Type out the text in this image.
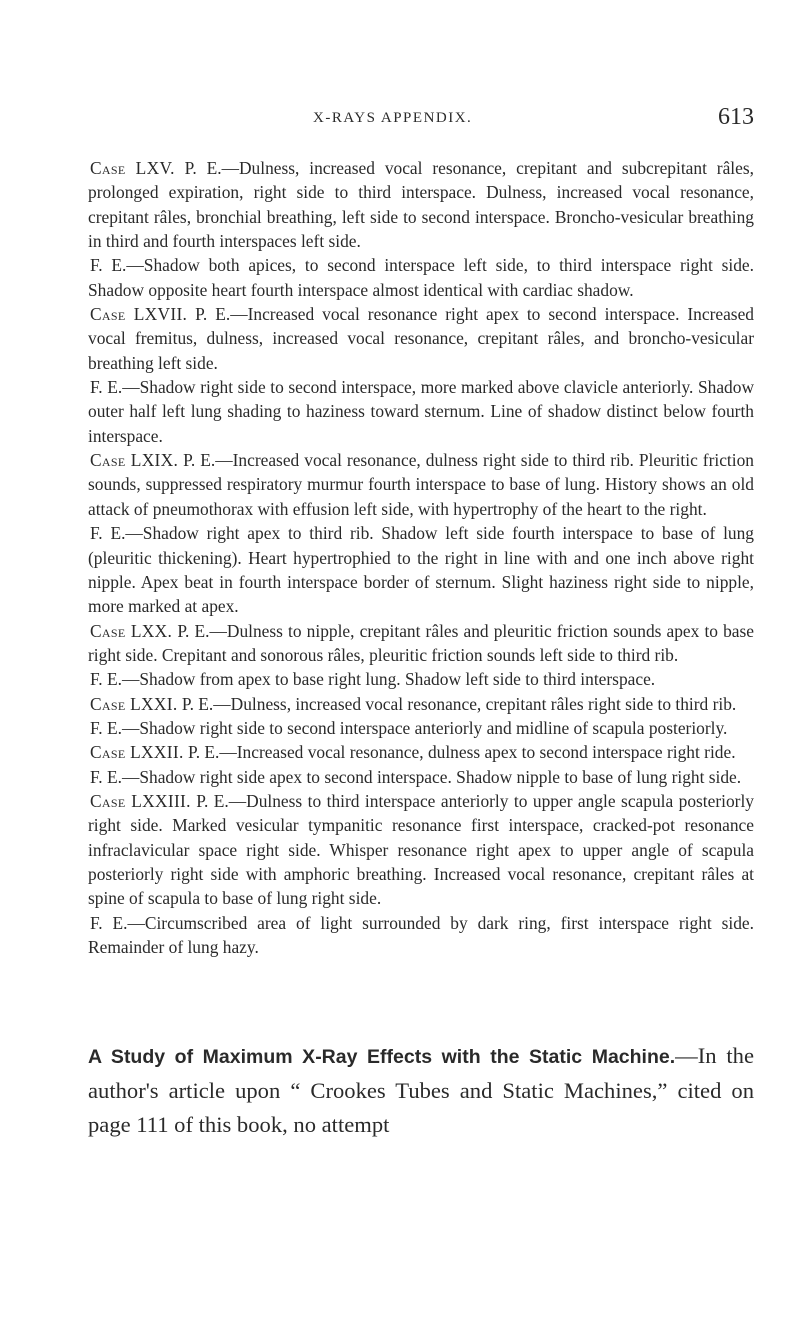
X-RAYS APPENDIX.	613

Case LXV. P. E.—Dulness, increased vocal resonance, crepitant and subcrepitant râles, prolonged expiration, right side to third interspace. Dulness, increased vocal resonance, crepitant râles, bronchial breathing, left side to second interspace. Broncho-vesicular breathing in third and fourth interspaces left side.

F. E.—Shadow both apices, to second interspace left side, to third interspace right side. Shadow opposite heart fourth interspace almost identical with cardiac shadow.

Case LXVII. P. E.—Increased vocal resonance right apex to second interspace. Increased vocal fremitus, dulness, increased vocal resonance, crepitant râles, and broncho-vesicular breathing left side.

F. E.—Shadow right side to second interspace, more marked above clavicle anteriorly. Shadow outer half left lung shading to haziness toward sternum. Line of shadow distinct below fourth interspace.

Case LXIX. P. E.—Increased vocal resonance, dulness right side to third rib. Pleuritic friction sounds, suppressed respiratory murmur fourth interspace to base of lung. History shows an old attack of pneumothorax with effusion left side, with hypertrophy of the heart to the right.

F. E.—Shadow right apex to third rib. Shadow left side fourth interspace to base of lung (pleuritic thickening). Heart hypertrophied to the right in line with and one inch above right nipple. Apex beat in fourth interspace border of sternum. Slight haziness right side to nipple, more marked at apex.

Case LXX. P. E.—Dulness to nipple, crepitant râles and pleuritic friction sounds apex to base right side. Crepitant and sonorous râles, pleuritic friction sounds left side to third rib.

F. E.—Shadow from apex to base right lung. Shadow left side to third interspace.

Case LXXI. P. E.—Dulness, increased vocal resonance, crepitant râles right side to third rib.

F. E.—Shadow right side to second interspace anteriorly and midline of scapula posteriorly.

Case LXXII. P. E.—Increased vocal resonance, dulness apex to second interspace right ride.

F. E.—Shadow right side apex to second interspace. Shadow nipple to base of lung right side.

Case LXXIII. P. E.—Dulness to third interspace anteriorly to upper angle scapula posteriorly right side. Marked vesicular tympanitic resonance first interspace, cracked-pot resonance infraclavicular space right side. Whisper resonance right apex to upper angle of scapula posteriorly right side with amphoric breathing. Increased vocal resonance, crepitant râles at spine of scapula to base of lung right side.

F. E.—Circumscribed area of light surrounded by dark ring, first interspace right side. Remainder of lung hazy.

A Study of Maximum X-Ray Effects with the Static Machine.—In the author's article upon “ Crookes Tubes and Static Machines,” cited on page 111 of this book, no attempt
